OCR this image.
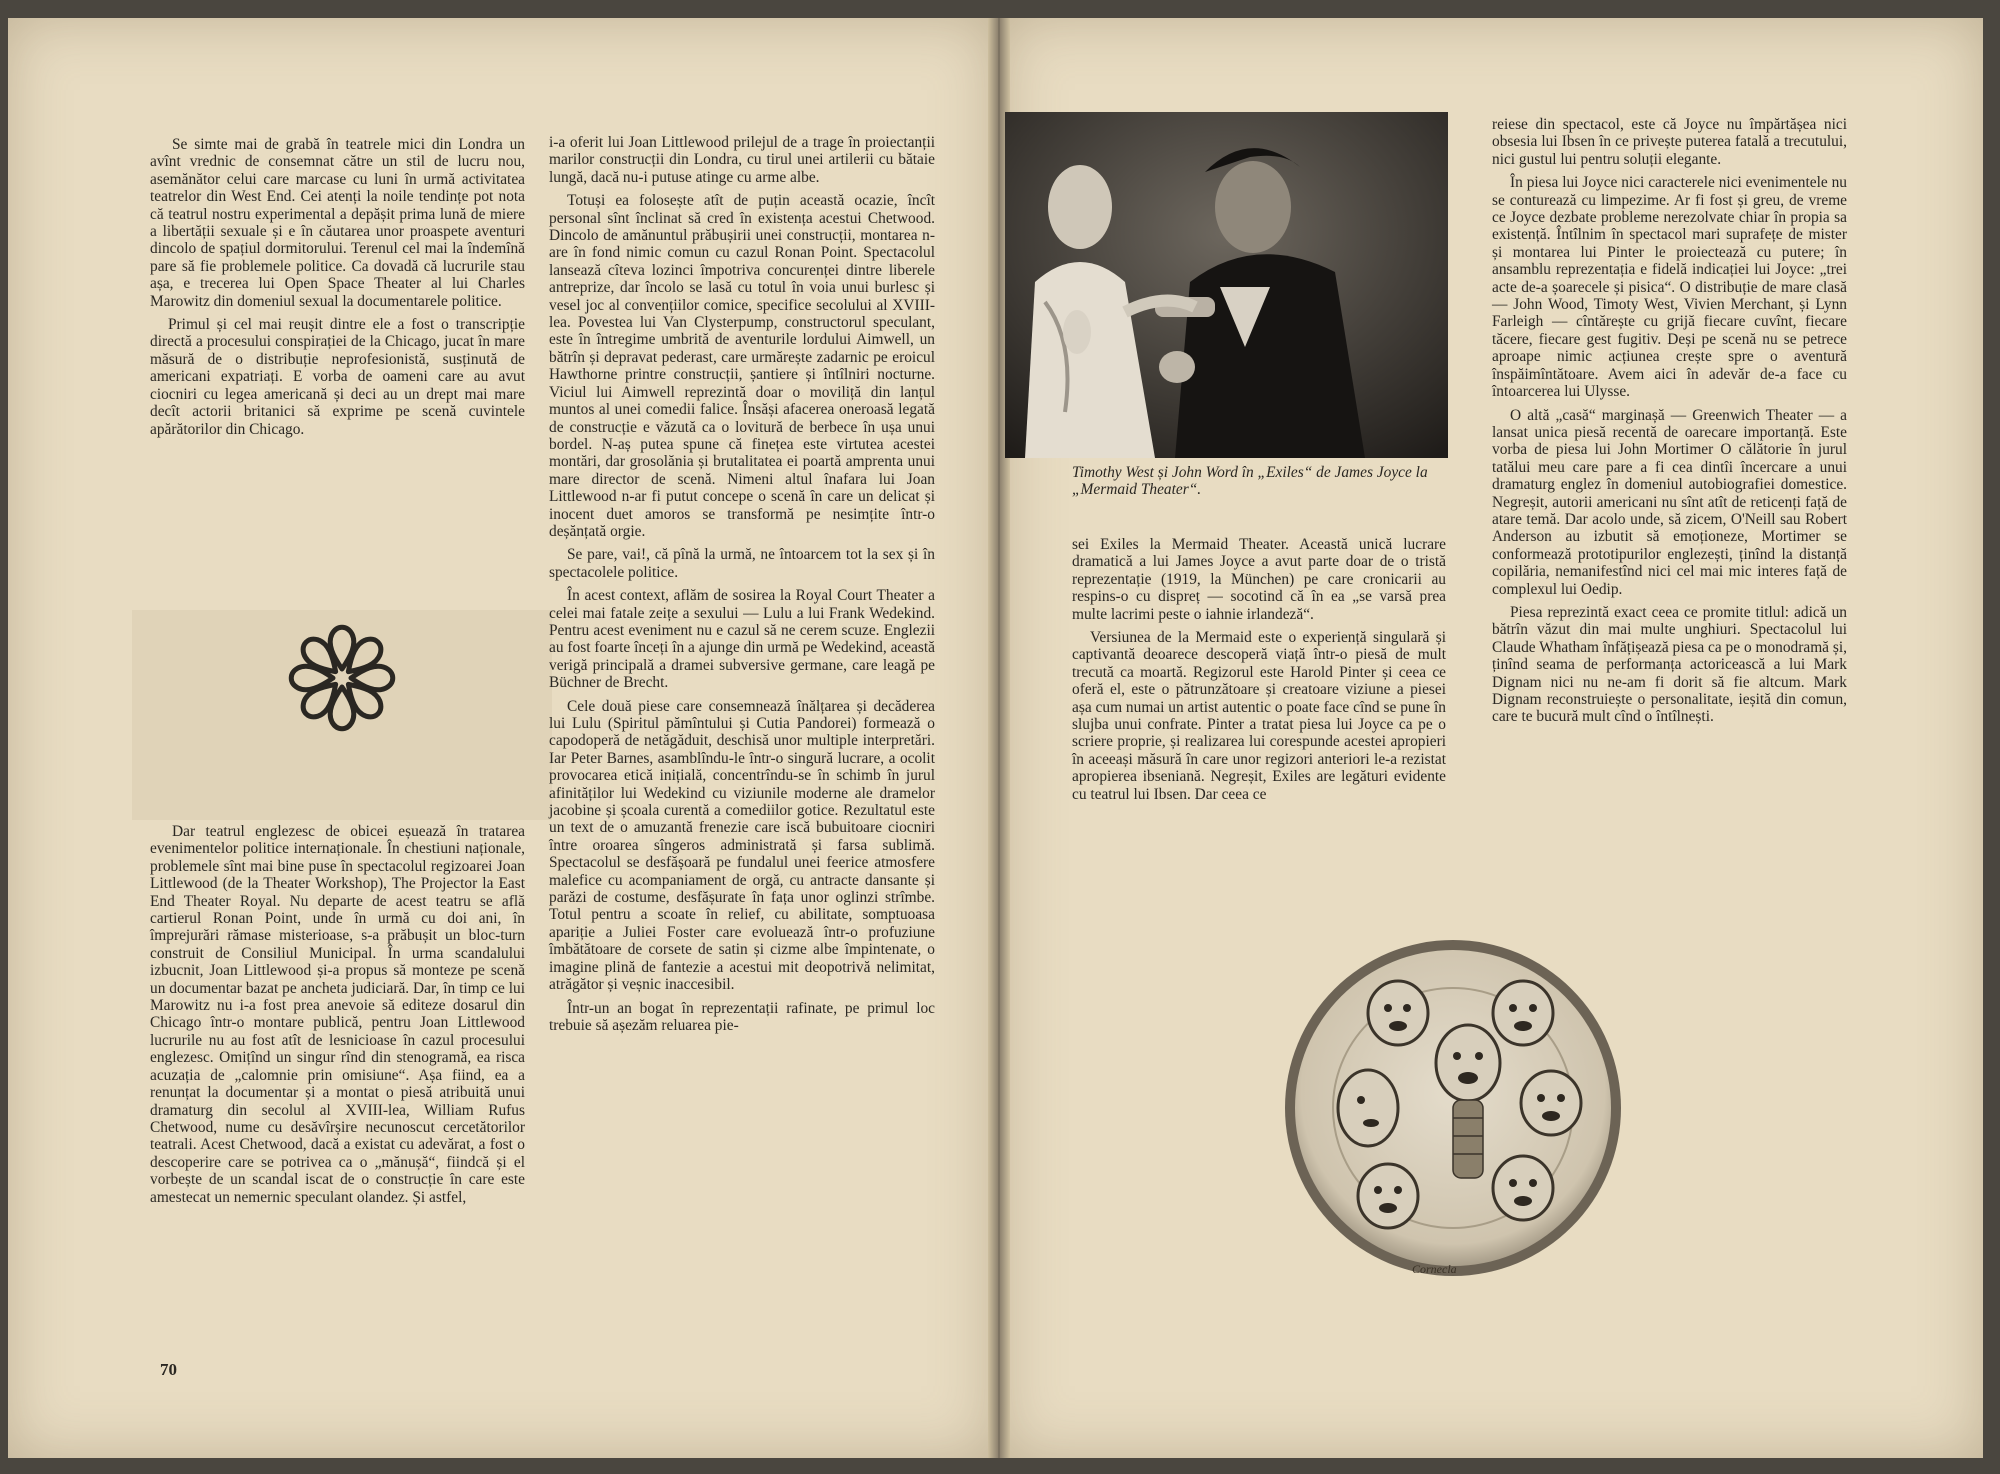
Se simte mai de grabă în teatrele mici din Londra un avînt vrednic de consemnat către un stil de lucru nou, asemănător celui care marcase cu luni în urmă activitatea teatrelor din West End. Cei atenți la noile tendințe pot nota că teatrul nostru experimental a depășit prima lună de miere a libertății sexuale și e în căutarea unor proaspete aventuri dincolo de spațiul dormitorului. Terenul cel mai la îndemînă pare să fie problemele politice. Ca dovadă că lucrurile stau așa, e trecerea lui Open Space Theater al lui Charles Marowitz din domeniul sexual la documentarele politice.

Primul și cel mai reușit dintre ele a fost o transcripție directă a procesului conspirației de la Chicago, jucat în mare măsură de o distribuție neprofesionistă, susținută de americani expatriați. E vorba de oameni care au avut ciocniri cu legea americană și deci au un drept mai mare decît actorii britanici să exprime pe scenă cuvintele apărătorilor din Chicago.

Dar teatrul englezesc de obicei eșuează în tratarea evenimentelor politice internaționale. În chestiuni naționale, problemele sînt mai bine puse în spectacolul regizoarei Joan Littlewood (de la Theater Workshop), The Projector la East End Theater Royal. Nu departe de acest teatru se află cartierul Ronan Point, unde în urmă cu doi ani, în împrejurări rămase misterioase, s-a prăbușit un bloc-turn construit de Consiliul Municipal. În urma scandalului izbucnit, Joan Littlewood și-a propus să monteze pe scenă un documentar bazat pe ancheta judiciară. Dar, în timp ce lui Marowitz nu i-a fost prea anevoie să editeze dosarul din Chicago într-o montare publică, pentru Joan Littlewood lucrurile nu au fost atît de lesnicioase în cazul procesului englezesc. Omițînd un singur rînd din stenogramă, ea risca acuzația de „calomnie prin omisiune“. Așa fiind, ea a renunțat la documentar și a montat o piesă atribuită unui dramaturg din secolul al XVIII-lea, William Rufus Chetwood, nume cu desăvîrșire necunoscut cercetătorilor teatrali. Acest Chetwood, dacă a existat cu adevărat, a fost o descoperire care se potrivea ca o „mănușă“, fiindcă și el vorbește de un scandal iscat de o construcție în care este amestecat un nemernic speculant olandez. Și astfel,

i-a oferit lui Joan Littlewood prilejul de a trage în proiectanții marilor construcții din Londra, cu tirul unei artilerii cu bătaie lungă, dacă nu-i putuse atinge cu arme albe.

Totuși ea folosește atît de puțin această ocazie, încît personal sînt înclinat să cred în existența acestui Chetwood. Dincolo de amănuntul prăbușirii unei construcții, montarea n-are în fond nimic comun cu cazul Ronan Point. Spectacolul lansează cîteva lozinci împotriva concurenței dintre liberele antreprize, dar încolo se lasă cu totul în voia unui burlesc și vesel joc al convențiilor comice, specifice secolului al XVIII-lea. Povestea lui Van Clysterpump, constructorul speculant, este în întregime umbrită de aventurile lordului Aimwell, un bătrîn și depravat pederast, care urmărește zadarnic pe eroicul Hawthorne printre construcții, șantiere și întîlniri nocturne. Viciul lui Aimwell reprezintă doar o moviliță din lanțul muntos al unei comedii falice. Însăși afacerea oneroasă legată de construcție e văzută ca o lovitură de berbece în ușa unui bordel. N-aș putea spune că finețea este virtutea acestei montări, dar grosolănia și brutalitatea ei poartă amprenta unui mare director de scenă. Nimeni altul înafara lui Joan Littlewood n-ar fi putut concepe o scenă în care un delicat și inocent duet amoros se transformă pe nesimțite într-o deșănțată orgie.

Se pare, vai!, că pînă la urmă, ne întoarcem tot la sex și în spectacolele politice.

În acest context, aflăm de sosirea la Royal Court Theater a celei mai fatale zeițe a sexului — Lulu a lui Frank Wedekind. Pentru acest eveniment nu e cazul să ne cerem scuze. Englezii au fost foarte înceți în a ajunge din urmă pe Wedekind, această verigă principală a dramei subversive germane, care leagă pe Büchner de Brecht.

Cele două piese care consemnează înălțarea și decăderea lui Lulu (Spiritul pămîntului și Cutia Pandorei) formează o capodoperă de netăgăduit, deschisă unor multiple interpretări. Iar Peter Barnes, asamblîndu-le într-o singură lucrare, a ocolit provocarea etică inițială, concentrîndu-se în schimb în jurul afinităților lui Wedekind cu viziunile moderne ale dramelor jacobine și școala curentă a comediilor gotice. Rezultatul este un text de o amuzantă frenezie care iscă bubuitoare ciocniri între oroarea sîngeros administrată și farsa sublimă. Spectacolul se desfășoară pe fundalul unei feerice atmosfere malefice cu acompaniament de orgă, cu antracte dansante și parăzi de costume, desfășurate în fața unor oglinzi strîmbe. Totul pentru a scoate în relief, cu abilitate, somptuoasa apariție a Juliei Foster care evoluează într-o profuziune îmbătătoare de corsete de satin și cizme albe împintenate, o imagine plină de fantezie a acestui mit deopotrivă nelimitat, atrăgător și veșnic inaccesibil.

Într-un an bogat în reprezentații rafinate, pe primul loc trebuie să așezăm reluarea pie-

70
Timothy West și John Word în „Exiles“ de James Joyce la „Mermaid Theater“.

sei Exiles la Mermaid Theater. Această unică lucrare dramatică a lui James Joyce a avut parte doar de o tristă reprezentație (1919, la München) pe care cronicarii au respins-o cu dispreț — socotind că în ea „se varsă prea multe lacrimi peste o iahnie irlandeză“.

Versiunea de la Mermaid este o experiență singulară și captivantă deoarece descoperă viață într-o piesă de mult trecută ca moartă. Regizorul este Harold Pinter și ceea ce oferă el, este o pătrunzătoare și creatoare viziune a piesei așa cum numai un artist autentic o poate face cînd se pune în slujba unui confrate. Pinter a tratat piesa lui Joyce ca pe o scriere proprie, și realizarea lui corespunde acestei apropieri în aceeași măsură în care unor regizori anteriori le-a rezistat apropierea ibseniană. Negreșit, Exiles are legături evidente cu teatrul lui Ibsen. Dar ceea ce

reiese din spectacol, este că Joyce nu împărtășea nici obsesia lui Ibsen în ce privește puterea fatală a trecutului, nici gustul lui pentru soluții elegante.

În piesa lui Joyce nici caracterele nici evenimentele nu se conturează cu limpezime. Ar fi fost și greu, de vreme ce Joyce dezbate probleme nerezolvate chiar în propia sa existență. Întîlnim în spectacol mari suprafețe de mister și montarea lui Pinter le proiectează cu putere; în ansamblu reprezentația e fidelă indicației lui Joyce: „trei acte de-a șoarecele și pisica“. O distribuție de mare clasă — John Wood, Timoty West, Vivien Merchant, și Lynn Farleigh — cîntărește cu grijă fiecare cuvînt, fiecare tăcere, fiecare gest fugitiv. Deși pe scenă nu se petrece aproape nimic acțiunea crește spre o aventură înspăimîntătoare. Avem aici în adevăr de-a face cu întoarcerea lui Ulysse.

O altă „casă“ marginașă — Greenwich Theater — a lansat unica piesă recentă de oarecare importanță. Este vorba de piesa lui John Mortimer O călătorie în jurul tatălui meu care pare a fi cea dintîi încercare a unui dramaturg englez în domeniul autobiografiei domestice. Negreșit, autorii americani nu sînt atît de reticenți față de atare temă. Dar acolo unde, să zicem, O'Neill sau Robert Anderson au izbutit să emoționeze, Mortimer se conformează prototipurilor englezești, ținînd la distanță copilăria, nemanifestînd nici cel mai mic interes față de complexul lui Oedip.

Piesa reprezintă exact ceea ce promite titlul: adică un bătrîn văzut din mai multe unghiuri. Spectacolul lui Claude Whatham înfățișează piesa ca pe o monodramă și, ținînd seama de performanța actoricească a lui Mark Dignam nici nu ne-am fi dorit să fie altcum. Mark Dignam reconstruiește o personalitate, ieșită din comun, care te bucură mult cînd o întîlnești.

Cornecla
